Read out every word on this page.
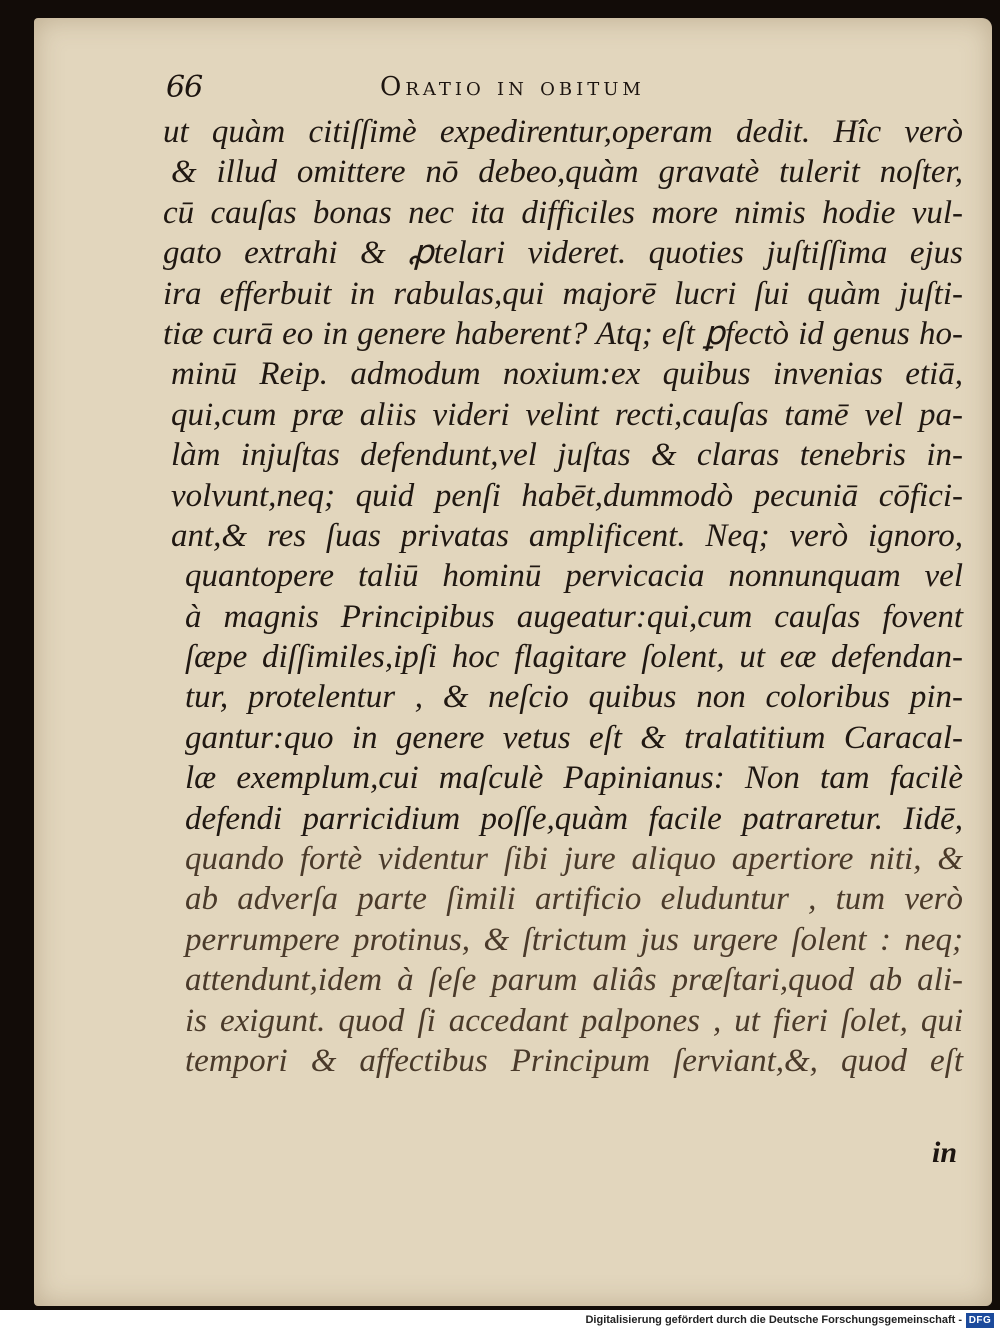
66	Oratio in obitum
ut quàm citiſſimè expedirentur,operam dedit. Hîc verò
& illud omittere nō debeo,quàm gravatè tulerit noſter,
cū cauſas bonas nec ita difficiles more nimis hodie vul-
gato extrahi & ꝓtelari videret. quoties juſtiſſima ejus
ira efferbuit in rabulas,qui majorē lucri ſui quàm juſti-
tiæ curā eo in genere haberent? Atq; eſt ꝑfectò id genus ho-
minū Reip. admodum noxium:ex quibus invenias etiā,
qui,cum præ aliis videri velint recti,cauſas tamē vel pa-
làm injuſtas defendunt,vel juſtas & claras tenebris in-
volvunt,neq; quid penſi habēt,dummodò pecuniā cōfici-
ant,& res ſuas privatas amplificent. Neq; verò ignoro,
quantopere taliū hominū pervicacia nonnunquam vel
à magnis Principibus augeatur:qui,cum cauſas fovent
ſæpe diſſimiles,ipſi hoc flagitare ſolent, ut eæ defendan-
tur, protelentur , & neſcio quibus non coloribus pin-
gantur:quo in genere vetus eſt & tralatitium Caracal-
læ exemplum,cui maſculè Papinianus: Non tam facilè
defendi parricidium poſſe,quàm facile patraretur. Iidē,
quando fortè videntur ſibi jure aliquo apertiore niti, &
ab adverſa parte ſimili artificio eluduntur , tum verò
perrumpere protinus, & ſtrictum jus urgere ſolent : neq;
attendunt,idem à ſeſe parum aliâs præſtari,quod ab ali-
is exigunt. quod ſi accedant palpones , ut fieri ſolet, qui
tempori & affectibus Principum ſerviant,&, quod eſt
in
Digitalisierung gefördert durch die Deutsche Forschungsgemeinschaft - DFG
